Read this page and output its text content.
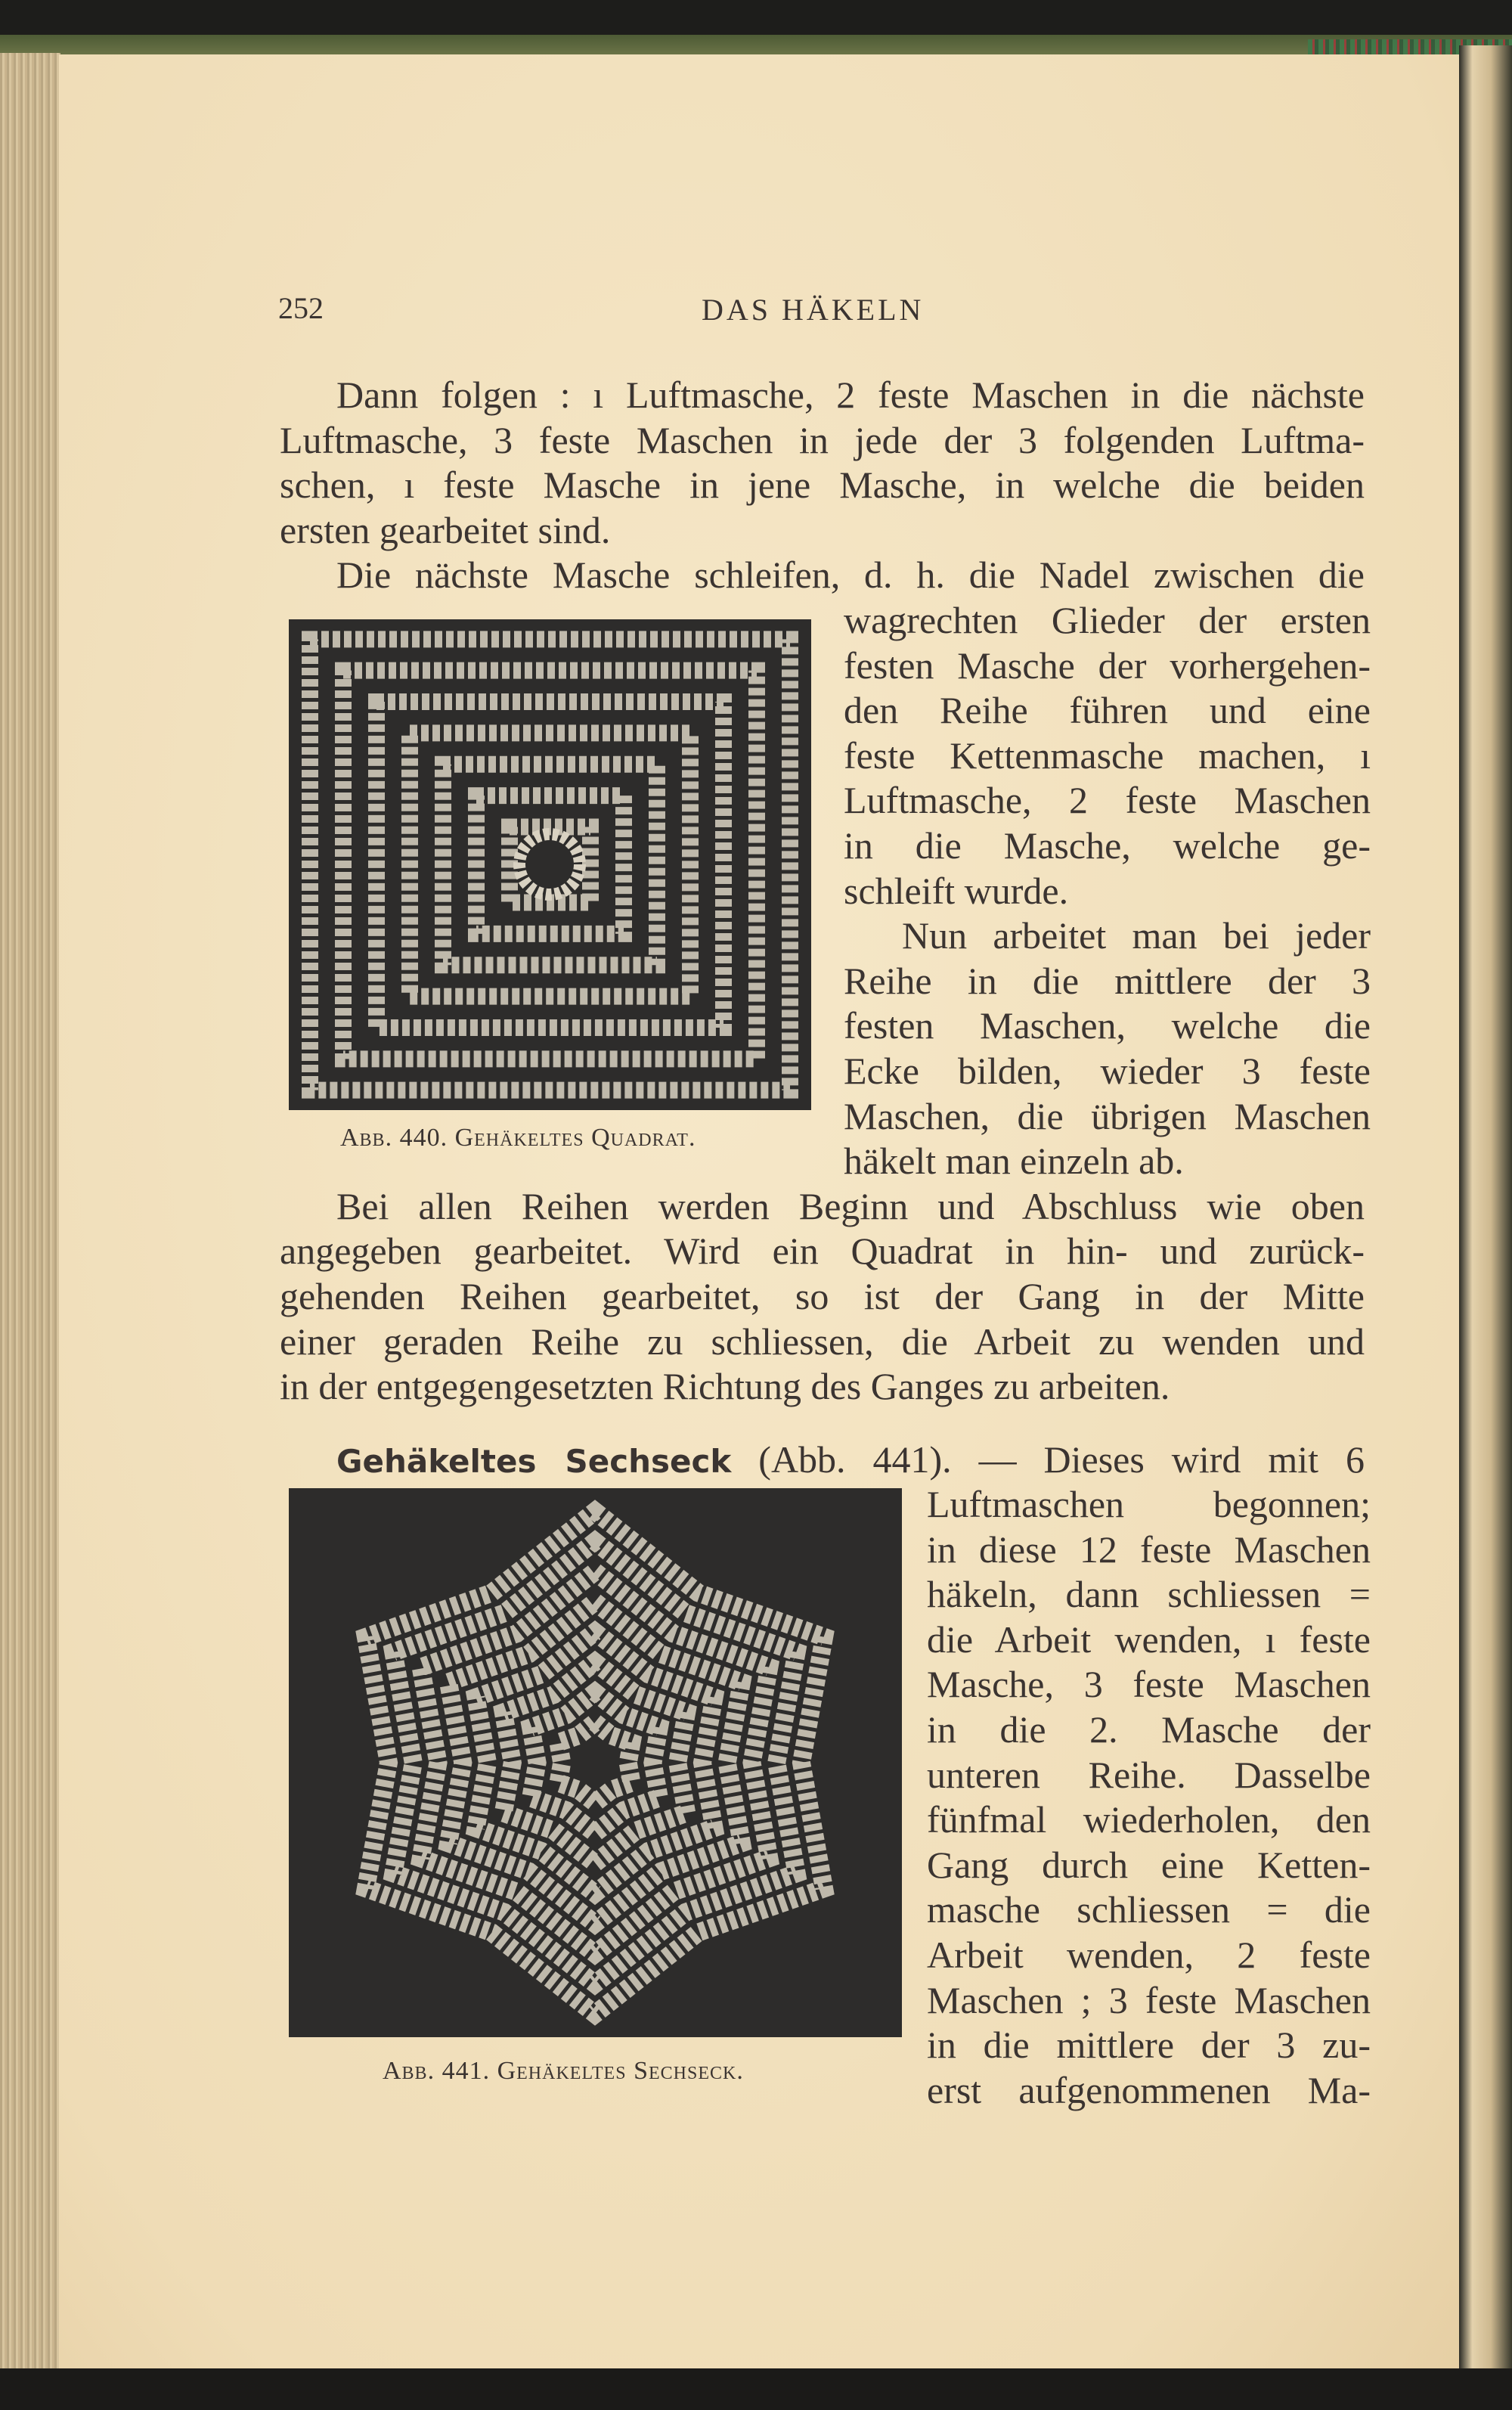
252	DAS HÄKELN
Abb. 440. Gehäkeltes Quadrat.
Abb. 441. Gehäkeltes Sechseck.
Dann folgen : ı Luftmasche, 2 feste Maschen in die nächste
Luftmasche, 3 feste Maschen in jede der 3 folgenden Luftma-
schen, ı feste Masche in jene Masche, in welche die beiden
ersten gearbeitet sind.
Die nächste Masche schleifen, d. h. die Nadel zwischen die
wagrechten Glieder der ersten
festen Masche der vorhergehen-
den Reihe führen und eine
feste Kettenmasche machen, ı
Luftmasche, 2 feste Maschen
in die Masche, welche ge-
schleift wurde.
Nun arbeitet man bei jeder
Reihe in die mittlere der 3
festen Maschen, welche die
Ecke bilden, wieder 3 feste
Maschen, die übrigen Maschen
häkelt man einzeln ab.
Bei allen Reihen werden Beginn und Abschluss wie oben
angegeben gearbeitet. Wird ein Quadrat in hin- und zurück-
gehenden Reihen gearbeitet, so ist der Gang in der Mitte
einer geraden Reihe zu schliessen, die Arbeit zu wenden und
in der entgegengesetzten Richtung des Ganges zu arbeiten.
Gehäkeltes Sechseck (Abb. 441). — Dieses wird mit 6
Luftmaschen begonnen;
in diese 12 feste Maschen
häkeln, dann schliessen =
die Arbeit wenden, ı feste
Masche, 3 feste Maschen
in die 2. Masche der
unteren Reihe. Dasselbe
fünfmal wiederholen, den
Gang durch eine Ketten-
masche schliessen = die
Arbeit wenden, 2 feste
Maschen ; 3 feste Maschen
in die mittlere der 3 zu-
erst aufgenommenen Ma-
